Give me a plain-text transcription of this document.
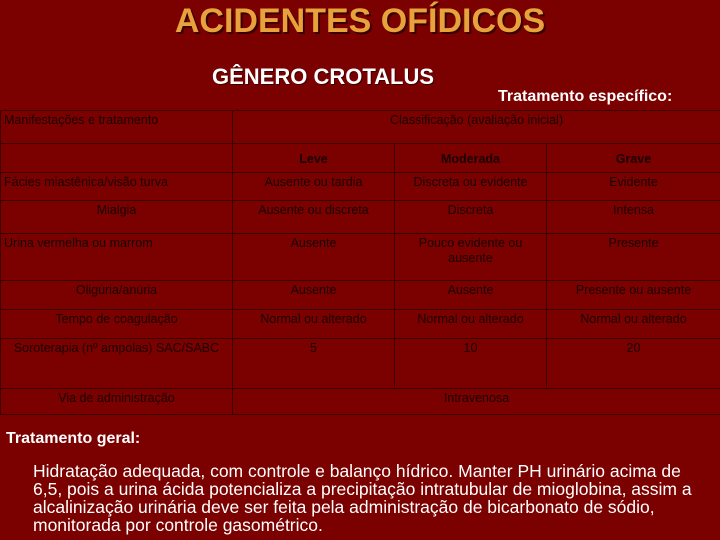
ACIDENTES OFÍDICOS
GÊNERO CROTALUS
Tratamento específico:
Manifestações e tratamento	Classificação (avaliação inicial)		
	Leve	Moderada	Grave
Fácies miastênica/visão turva	Ausente ou tardia	Discreta ou evidente	Evidente
Mialgia	Ausente ou discreta	Discreta	Intensa
Urina vermelha ou marrom	Ausente	Pouco evidente ou ausente	Presente
Oligúria/anúria	Ausente	Ausente	Presente ou ausente
Tempo de coagulação	Normal ou alterado	Normal ou alterado	Normal ou alterado
Soroterapia (nº ampolas) SAC/SABC	5	10	20
Via de administração	Intravenosa		
Tratamento geral:
Hidratação adequada, com controle e balanço hídrico. Manter PH urinário acima de 6,5, pois a urina ácida potencializa a precipitação intratubular de mioglobina, assim a alcalinização urinária deve ser feita pela administração de bicarbonato de sódio, monitorada por controle gasométrico.
